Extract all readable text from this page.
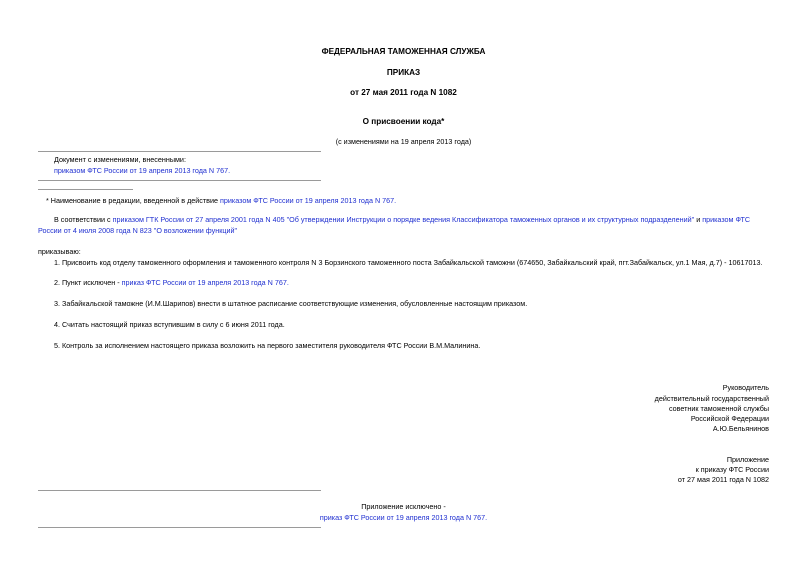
ФЕДЕРАЛЬНАЯ ТАМОЖЕННАЯ СЛУЖБА
ПРИКАЗ
от 27 мая 2011 года N 1082
О присвоении кода*
(с изменениями на 19 апреля 2013 года)
Документ с изменениями, внесенными:
приказом ФТС России от 19 апреля 2013 года N 767.
* Наименование в редакции, введенной в действие приказом ФТС России от 19 апреля 2013 года N 767.
В соответствии с приказом ГТК России от 27 апреля 2001 года N 405 "Об утверждении Инструкции о порядке ведения Классификатора таможенных органов и их структурных подразделений" и приказом ФТС
России от 4 июля 2008 года N 823 "О возложении функций"
приказываю:
1. Присвоить код отделу таможенного оформления и таможенного контроля N 3 Борзинского таможенного поста Забайкальской таможни (674650, Забайкальский край, пгт.Забайкальск, ул.1 Мая, д.7) - 10617013.
2. Пункт исключен - приказ ФТС России от 19 апреля 2013 года N 767.
3. Забайкальской таможне (И.М.Шарипов) внести в штатное расписание соответствующие изменения, обусловленные настоящим приказом.
4. Считать настоящий приказ вступившим в силу с 6 июня 2011 года.
5. Контроль за исполнением настоящего приказа возложить на первого заместителя руководителя ФТС России В.М.Малинина.
Руководитель
действительный государственный
советник таможенной службы
Российской Федерации
А.Ю.Бельянинов
Приложение
к приказу ФТС России
от 27 мая 2011 года N 1082
Приложение исключено -
приказ ФТС России от 19 апреля 2013 года N 767.
